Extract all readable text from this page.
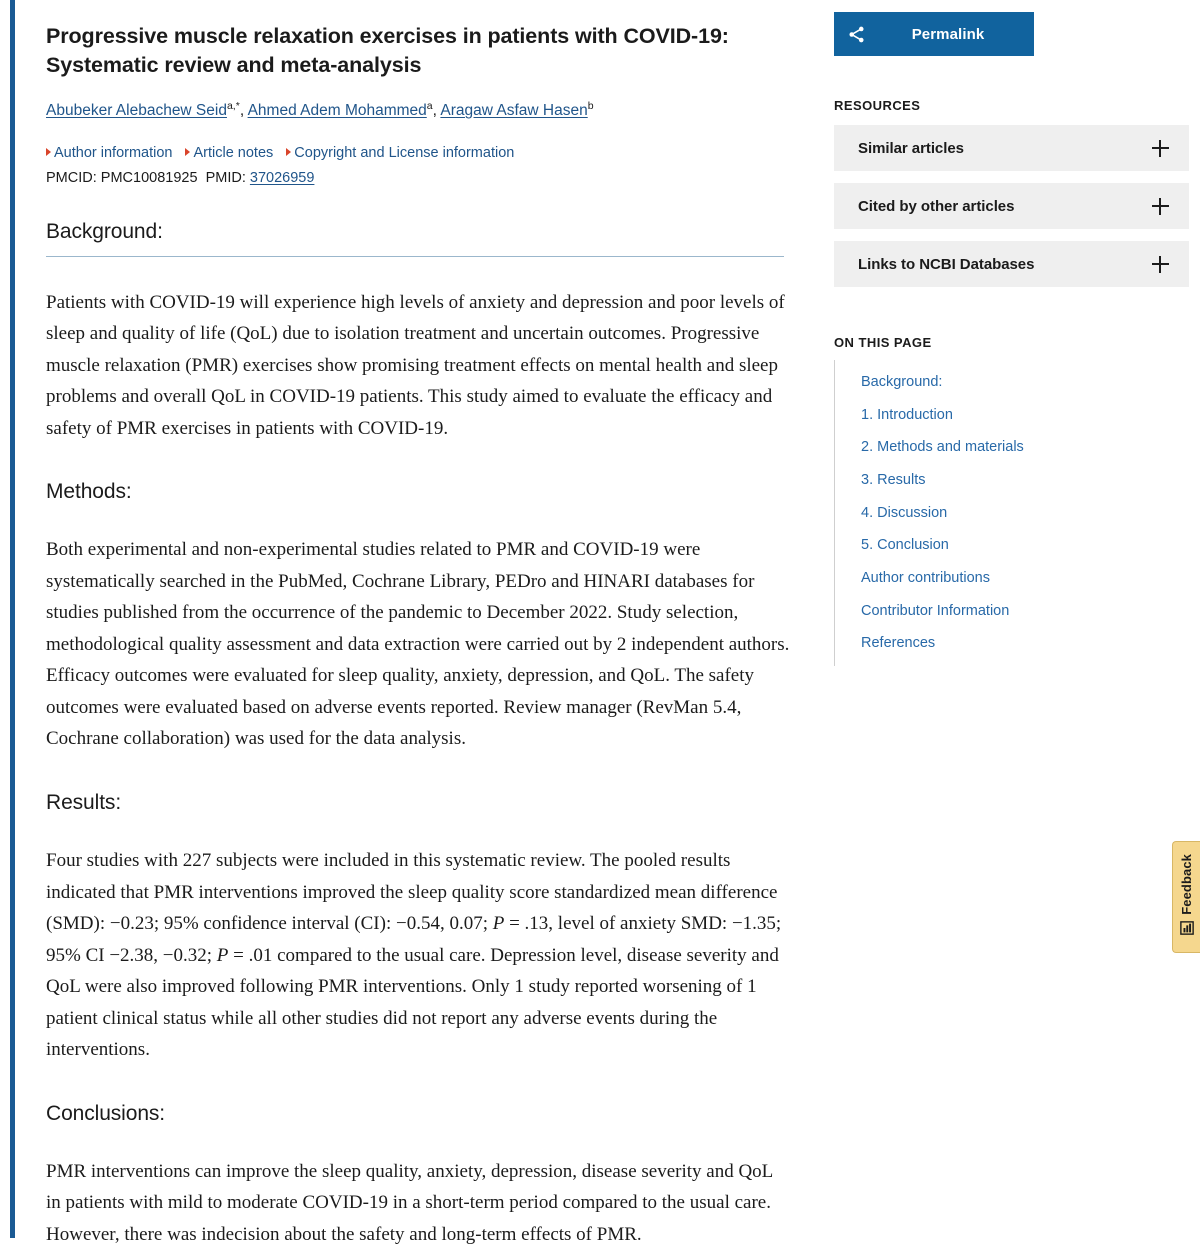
Progressive muscle relaxation exercises in patients with COVID-19: Systematic review and meta-analysis
Abubeker Alebachew Seid$^{a,*}$, Ahmed Adem Mohammed$^a$, Aragaw Asfaw Hasen$^b$
Author information Article notes Copyright and License information
PMCID: PMC10081925 PMID: 37026959
Background:

Patients with COVID-19 will experience high levels of anxiety and depression and poor levels of sleep and quality of life (QoL) due to isolation treatment and uncertain outcomes. Progressive muscle relaxation (PMR) exercises show promising treatment effects on mental health and sleep problems and overall QoL in COVID-19 patients. This study aimed to evaluate the efficacy and safety of PMR exercises in patients with COVID-19.

Methods:

Both experimental and non-experimental studies related to PMR and COVID-19 were systematically searched in the PubMed, Cochrane Library, PEDro and HINARI databases for studies published from the occurrence of the pandemic to December 2022. Study selection, methodological quality assessment and data extraction were carried out by 2 independent authors. Efficacy outcomes were evaluated for sleep quality, anxiety, depression, and QoL. The safety outcomes were evaluated based on adverse events reported. Review manager (RevMan 5.4, Cochrane collaboration) was used for the data analysis.

Results:

Four studies with 227 subjects were included in this systematic review. The pooled results indicated that PMR interventions improved the sleep quality score standardized mean difference (SMD): −0.23; 95% confidence interval (CI): −0.54, 0.07; P = .13, level of anxiety SMD: −1.35; 95% CI −2.38, −0.32; P = .01 compared to the usual care. Depression level, disease severity and QoL were also improved following PMR interventions. Only 1 study reported worsening of 1 patient clinical status while all other studies did not report any adverse events during the interventions.

Conclusions:

PMR interventions can improve the sleep quality, anxiety, depression, disease severity and QoL in patients with mild to moderate COVID-19 in a short-term period compared to the usual care. However, there was indecision about the safety and long-term effects of PMR.

Permalink
RESOURCES
Similar articles
Cited by other articles
Links to NCBI Databases
ON THIS PAGE
Background:
1. Introduction
2. Methods and materials
3. Results
4. Discussion
5. Conclusion
Author contributions
Contributor Information
References
Feedback
